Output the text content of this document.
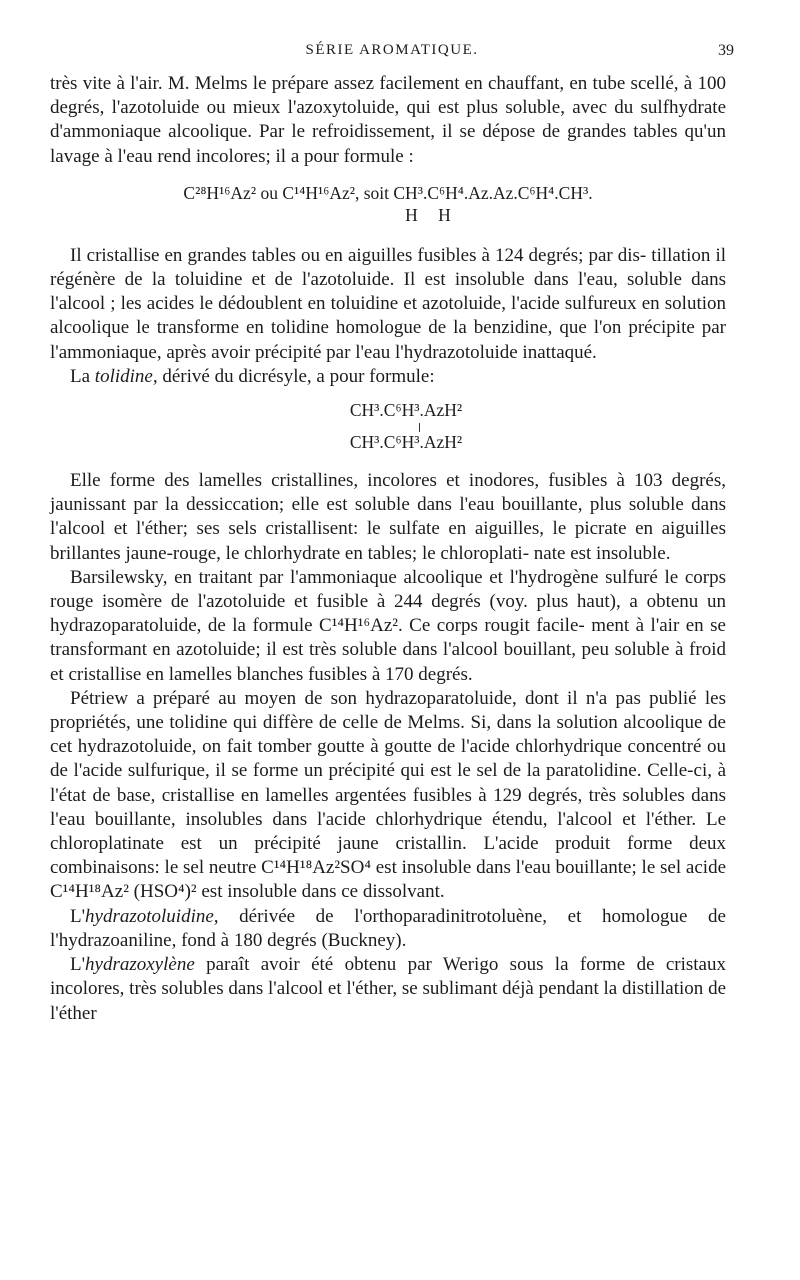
SÉRIE AROMATIQUE.	39

très vite à l'air. M. Melms le prépare assez facilement en chauffant, en tube scellé, à 100 degrés, l'azotoluide ou mieux l'azoxytoluide, qui est plus soluble, avec du sulfhydrate d'ammoniaque alcoolique. Par le refroidissement, il se dépose de grandes tables qu'un lavage à l'eau rend incolores; il a pour formule :

C²⁸H¹⁶Az² ou C¹⁴H¹⁶Az², soit CH³.C⁶H⁴.Az.Az.C⁶H⁴.CH³.
H H

Il cristallise en grandes tables ou en aiguilles fusibles à 124 degrés; par dis- tillation il régénère de la toluidine et de l'azotoluide. Il est insoluble dans l'eau, soluble dans l'alcool ; les acides le dédoublent en toluidine et azotoluide, l'acide sulfureux en solution alcoolique le transforme en tolidine homologue de la benzidine, que l'on précipite par l'ammoniaque, après avoir précipité par l'eau l'hydrazotoluide inattaqué.

La tolidine, dérivé du dicrésyle, a pour formule:

CH³.C⁶H³.AzH²
CH³.C⁶H³.AzH²

Elle forme des lamelles cristallines, incolores et inodores, fusibles à 103 degrés, jaunissant par la dessiccation; elle est soluble dans l'eau bouillante, plus soluble dans l'alcool et l'éther; ses sels cristallisent: le sulfate en aiguilles, le picrate en aiguilles brillantes jaune-rouge, le chlorhydrate en tables; le chloroplati- nate est insoluble.

Barsilewsky, en traitant par l'ammoniaque alcoolique et l'hydrogène sulfuré le corps rouge isomère de l'azotoluide et fusible à 244 degrés (voy. plus haut), a obtenu un hydrazoparatoluide, de la formule C¹⁴H¹⁶Az². Ce corps rougit facile- ment à l'air en se transformant en azotoluide; il est très soluble dans l'alcool bouillant, peu soluble à froid et cristallise en lamelles blanches fusibles à 170 degrés.

Pétriew a préparé au moyen de son hydrazoparatoluide, dont il n'a pas publié les propriétés, une tolidine qui diffère de celle de Melms. Si, dans la solution alcoolique de cet hydrazotoluide, on fait tomber goutte à goutte de l'acide chlorhydrique concentré ou de l'acide sulfurique, il se forme un précipité qui est le sel de la paratolidine. Celle-ci, à l'état de base, cristallise en lamelles argentées fusibles à 129 degrés, très solubles dans l'eau bouillante, insolubles dans l'acide chlorhydrique étendu, l'alcool et l'éther. Le chloroplatinate est un précipité jaune cristallin. L'acide produit forme deux combinaisons: le sel neutre C¹⁴H¹⁸Az²SO⁴ est insoluble dans l'eau bouillante; le sel acide C¹⁴H¹⁸Az² (HSO⁴)² est insoluble dans ce dissolvant.

L'hydrazotoluidine, dérivée de l'orthoparadinitrotoluène, et homologue de l'hydrazoaniline, fond à 180 degrés (Buckney).

L'hydrazoxylène paraît avoir été obtenu par Werigo sous la forme de cristaux incolores, très solubles dans l'alcool et l'éther, se sublimant déjà pendant la distillation de l'éther
